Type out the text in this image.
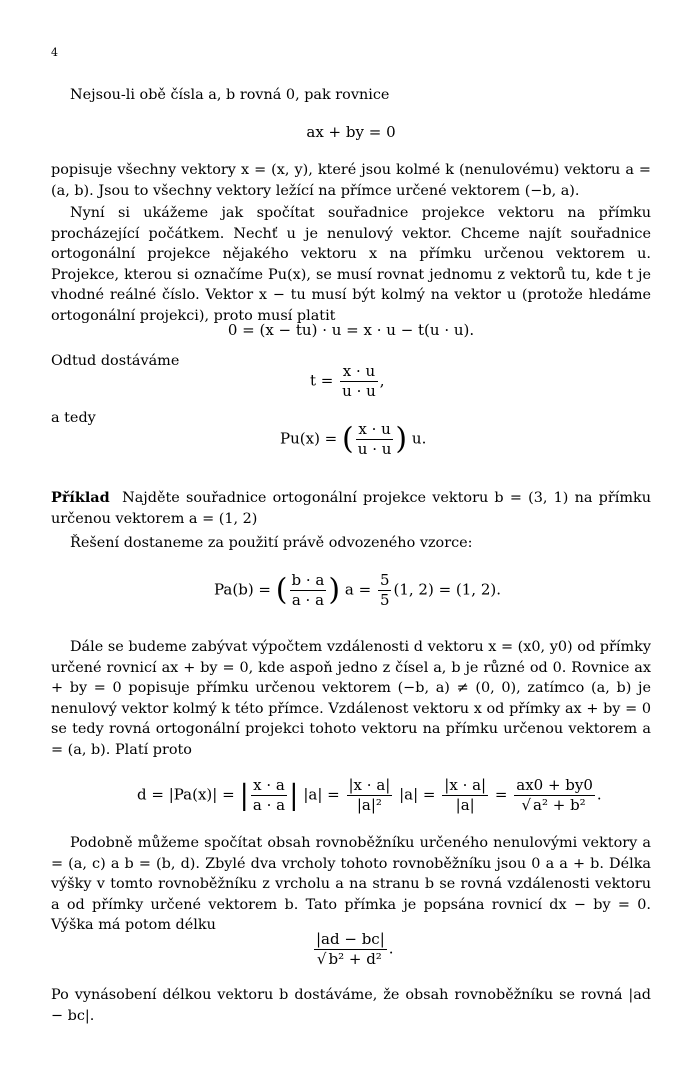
4
Nejsou-li obě čísla a, b rovná 0, pak rovnice
ax + by = 0
popisuje všechny vektory x = (x, y), které jsou kolmé k (nenulovému) vektoru a = (a, b). Jsou to všechny vektory ležící na přímce určené vektorem (−b, a).
Nyní si ukážeme jak spočítat souřadnice projekce vektoru na přímku procházející počátkem. Nechť u je nenulový vektor. Chceme najít souřadnice ortogonální projekce nějakého vektoru x na přímku určenou vektorem u. Projekce, kterou si označíme Pu(x), se musí rovnat jednomu z vektorů tu, kde t je vhodné reálné číslo. Vektor x − tu musí být kolmý na vektor u (protože hledáme ortogonální projekci), proto musí platit
0 = (x − tu) · u = x · u − t(u · u).
Odtud dostáváme
$t = \frac{x \cdot u}{u \cdot u}$ ,
a tedy
Pu(x) = ( $\frac{x \cdot u}{u \cdot u}$ ) u.
Příklad Najděte souřadnice ortogonální projekce vektoru b = (3, 1) na přímku určenou vektorem a = (1, 2)
Řešení dostaneme za použití právě odvozeného vzorce:
Pa(b) = ( $\frac{b \cdot a}{a \cdot a}$ ) $a = \frac{5}{5} (1$, 2) = (1, 2).
Dále se budeme zabývat výpočtem vzdálenosti d vektoru x = (x0, y0) od přímky určené rovnicí ax + by = 0, kde aspoň jedno z čísel a, b je různé od 0. Rovnice ax + by = 0 popisuje přímku určenou vektorem (−b, a) ≠ (0, 0), zatímco (a, b) je nenulový vektor kolmý k této přímce. Vzdálenost vektoru x od přímky ax + by = 0 se tedy rovná ortogonální projekci tohoto vektoru na přímku určenou vektorem a = (a, b). Platí proto
d = |Pa(x)| = | $\frac{x \cdot a}{a \cdot a}$ | $|a| = \frac{|x \cdot a|}{\text{|a|²}} |a| = \frac{|x \cdot a|}{|a|} = \frac{ax0 + by0}{\text{√ a² + b²}}$ .
Podobně můžeme spočítat obsah rovnoběžníku určeného nenulovými vektory a = (a, c) a b = (b, d). Zbylé dva vrcholy tohoto rovnoběžníku jsou 0 a a + b. Délka výšky v tomto rovnoběžníku z vrcholu a na stranu b se rovná vzdálenosti vektoru a od přímky určené vektorem b. Tato přímka je popsána rovnicí dx − by = 0. Výška má potom délku
$\frac{|ad - bc|}{\text{√ b² + d²}}$ .
Po vynásobení délkou vektoru b dostáváme, že obsah rovnoběžníku se rovná |ad − bc|.
